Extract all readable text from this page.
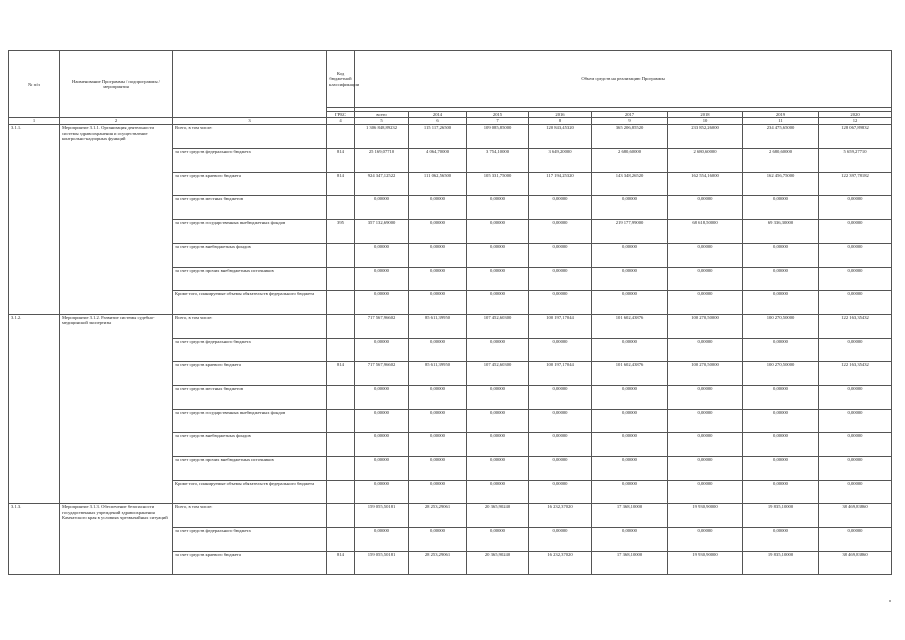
№ п/п	Наименование Программы / подпрограммы / мероприятия		Код бюджетной классификации	Объем средств на реализацию Программы							

			ГРБС	всего	2014	2015	2016	2017	2018	2019	2020
1	2	3	4	5	6	7	8	9	10	11	12
3.1.1.	Мероприятие 3.1.1. Организация деятельности системы здравоохранения и осуществление контрольно-надзорных функций	Всего, в том числе:		1 306 848,89232	115 117,26500	109 085,85000	120 843,45320	365 206,85520	233 852,26000	234 475,65000	128 067,89832
		за счет средств федерального бюджета	814	25 169,07710	4 064,70000	3 754,10000	3 649,20000	2 680,60000	2 680,60000	2 680,60000	5 659,27710
		за счет средств краевого бюджета	814	924 347,12522	111 062,56500	105 331,75000	117 194,25320	143 348,26520	162 554,16000	162 456,75000	122 397,78182
		за счет средств местных бюджетов		0,00000	0,00000	0,00000	0,00000	0,00000	0,00000	0,00000	0,00000
		за счет средств государственных внебюджетных фондов	395	357 132,69000	0,00000	0,00000	0,00000	219 177,99000	68 618,50000	69 336,30000	0,00000
		за счет средств внебюджетных фондов		0,00000	0,00000	0,00000	0,00000	0,00000	0,00000	0,00000	0,00000
		за счет средств прочих внебюджетных источников		0,00000	0,00000	0,00000	0,00000	0,00000	0,00000	0,00000	0,00000
		Кроме того, планируемые объемы обязательств федерального бюджета		0,00000	0,00000	0,00000	0,00000	0,00000	0,00000	0,00000	0,00000
3.1.2.	Мероприятие 3.1.2. Развитие системы судебно-медицинской экспертизы	Всего, в том числе:		717 567,96602	85 611,39950	107 452,60300	100 197,17044	101 602,43876	100 270,50000	100 270,50000	122 163,35432
		за счет средств федерального бюджета		0,00000	0,00000	0,00000	0,00000	0,00000	0,00000	0,00000	0,00000
		за счет средств краевого бюджета	814	717 567,96602	85 611,39950	107 452,60300	100 197,17044	101 602,43876	100 270,50000	100 270,50000	122 163,35432
		за счет средств местных бюджетов		0,00000	0,00000	0,00000	0,00000	0,00000	0,00000	0,00000	0,00000
		за счет средств государственных внебюджетных фондов		0,00000	0,00000	0,00000	0,00000	0,00000	0,00000	0,00000	0,00000
		за счет средств внебюджетных фондов		0,00000	0,00000	0,00000	0,00000	0,00000	0,00000	0,00000	0,00000
		за счет средств прочих внебюджетных источников		0,00000	0,00000	0,00000	0,00000	0,00000	0,00000	0,00000	0,00000
		Кроме того, планируемые объемы обязательств федерального бюджета		0,00000	0,00000	0,00000	0,00000	0,00000	0,00000	0,00000	0,00000
3.1.3.	Мероприятие 3.1.3. Обеспечение безопасности государственных учреждений здравоохранения Камчатского края в условиях чрезвычайных ситуаций	Всего, в том числе:		159 055,50181	28 253,29061	20 365,90240	16 232,37020	17 368,10000	19 930,90000	19 835,10000	38 469,83860
		за счет средств федерального бюджета		0,00000	0,00000	0,00000	0,00000	0,00000	0,00000	0,00000	0,00000
		за счет средств краевого бюджета	814	159 055,50181	28 253,29061	20 365,90240	16 232,37020	17 368,10000	19 930,90000	19 835,10000	38 469,83860
